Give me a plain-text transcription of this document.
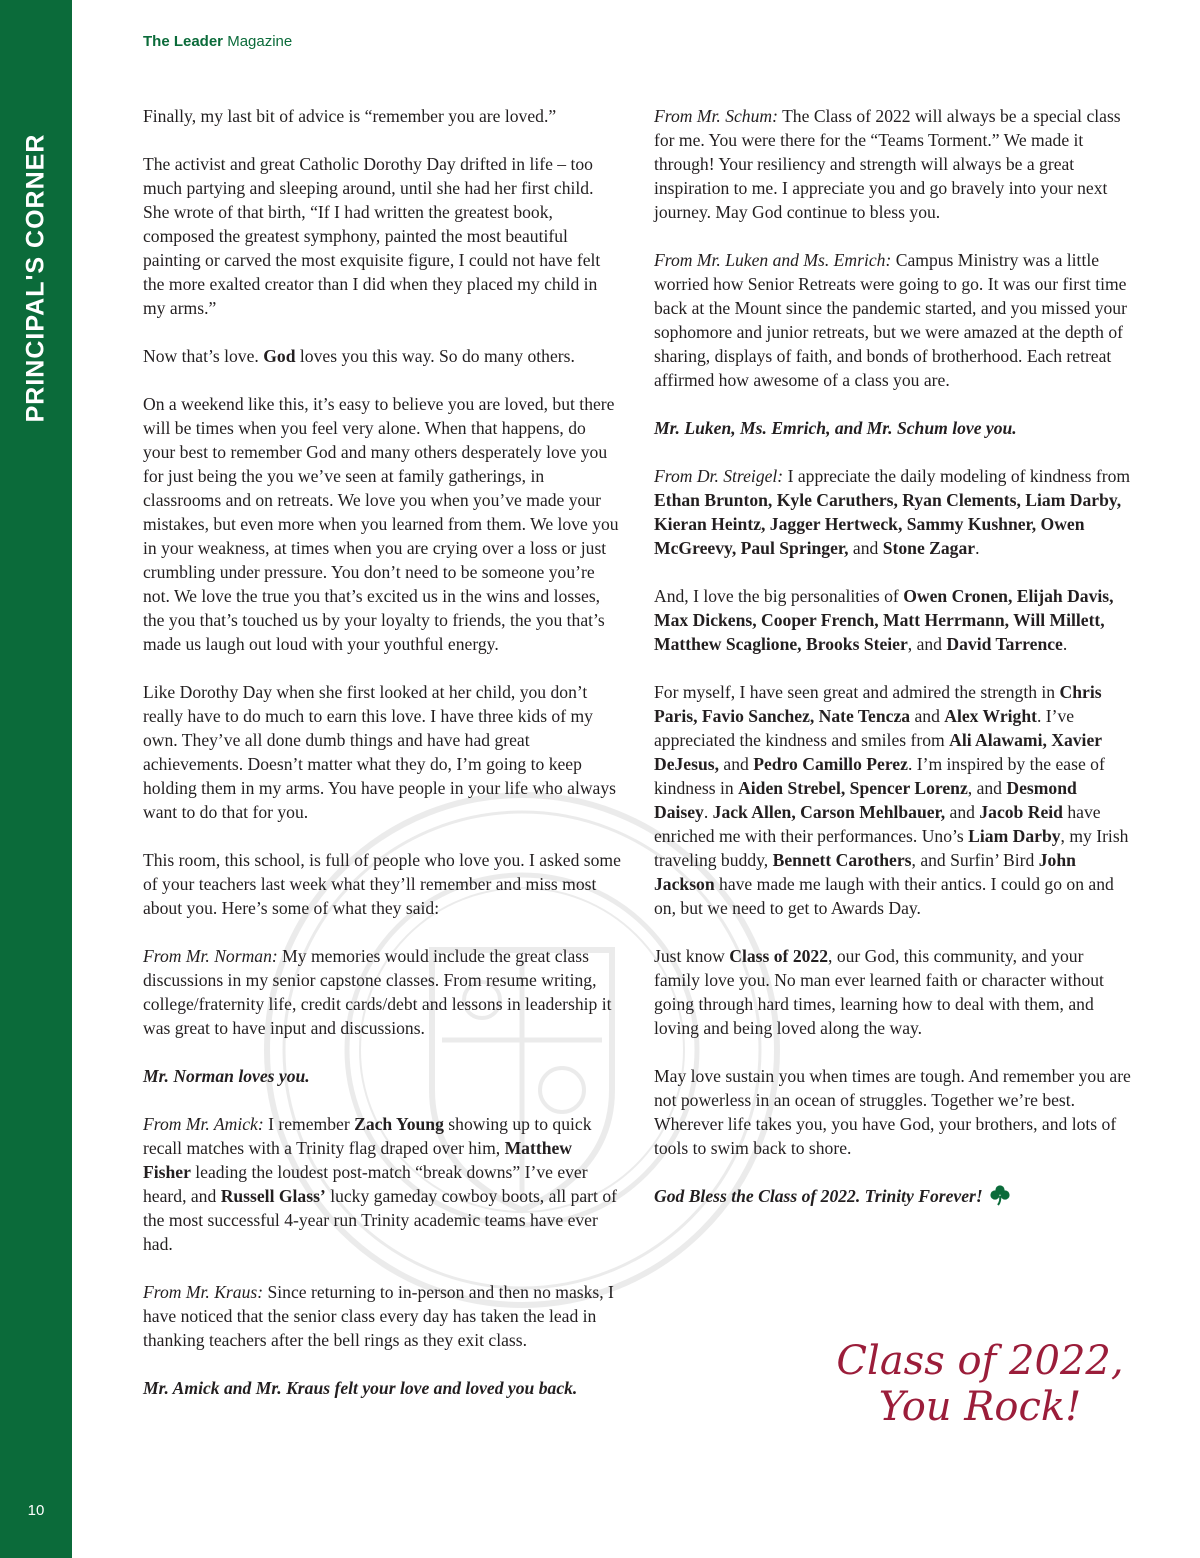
PRINCIPAL'S CORNER
10
The Leader Magazine

Finally, my last bit of advice is “remember you are loved.”

The activist and great Catholic Dorothy Day drifted in life – too much partying and sleeping around, until she had her first child. She wrote of that birth, “If I had written the greatest book, composed the greatest symphony, painted the most beautiful painting or carved the most exquisite figure, I could not have felt the more exalted creator than I did when they placed my child in my arms.”

Now that’s love. God loves you this way. So do many others.

On a weekend like this, it’s easy to believe you are loved, but there will be times when you feel very alone. When that happens, do your best to remember God and many others desperately love you for just being the you we’ve seen at family gatherings, in classrooms and on retreats. We love you when you’ve made your mistakes, but even more when you learned from them. We love you in your weakness, at times when you are crying over a loss or just crumbling under pressure. You don’t need to be someone you’re not. We love the true you that’s excited us in the wins and losses, the you that’s touched us by your loyalty to friends, the you that’s made us laugh out loud with your youthful energy.

Like Dorothy Day when she first looked at her child, you don’t really have to do much to earn this love. I have three kids of my own. They’ve all done dumb things and have had great achievements. Doesn’t matter what they do, I’m going to keep holding them in my arms. You have people in your life who always want to do that for you.

This room, this school, is full of people who love you. I asked some of your teachers last week what they’ll remember and miss most about you. Here’s some of what they said:

From Mr. Norman: My memories would include the great class discussions in my senior capstone classes. From resume writing, college/fraternity life, credit cards/debt and lessons in leadership it was great to have input and discussions.

Mr. Norman loves you.

From Mr. Amick: I remember Zach Young showing up to quick recall matches with a Trinity flag draped over him, Matthew Fisher leading the loudest post-match “break downs” I’ve ever heard, and Russell Glass’ lucky gameday cowboy boots, all part of the most successful 4-year run Trinity academic teams have ever had.

From Mr. Kraus: Since returning to in-person and then no masks, I have noticed that the senior class every day has taken the lead in thanking teachers after the bell rings as they exit class.

Mr. Amick and Mr. Kraus felt your love and loved you back.

From Mr. Schum: The Class of 2022 will always be a special class for me. You were there for the “Teams Torment.” We made it through! Your resiliency and strength will always be a great inspiration to me. I appreciate you and go bravely into your next journey. May God continue to bless you.

From Mr. Luken and Ms. Emrich: Campus Ministry was a little worried how Senior Retreats were going to go. It was our first time back at the Mount since the pandemic started, and you missed your sophomore and junior retreats, but we were amazed at the depth of sharing, displays of faith, and bonds of brotherhood. Each retreat affirmed how awesome of a class you are.

Mr. Luken, Ms. Emrich, and Mr. Schum love you.

From Dr. Streigel: I appreciate the daily modeling of kindness from Ethan Brunton, Kyle Caruthers, Ryan Clements, Liam Darby, Kieran Heintz, Jagger Hertweck, Sammy Kushner, Owen McGreevy, Paul Springer, and Stone Zagar.

And, I love the big personalities of Owen Cronen, Elijah Davis, Max Dickens, Cooper French, Matt Herrmann, Will Millett, Matthew Scaglione, Brooks Steier, and David Tarrence.

For myself, I have seen great and admired the strength in Chris Paris, Favio Sanchez, Nate Tencza and Alex Wright. I’ve appreciated the kindness and smiles from Ali Alawami, Xavier DeJesus, and Pedro Camillo Perez. I’m inspired by the ease of kindness in Aiden Strebel, Spencer Lorenz, and Desmond Daisey. Jack Allen, Carson Mehlbauer, and Jacob Reid have enriched me with their performances. Uno’s Liam Darby, my Irish traveling buddy, Bennett Carothers, and Surfin’ Bird John Jackson have made me laugh with their antics. I could go on and on, but we need to get to Awards Day.

Just know Class of 2022, our God, this community, and your family love you. No man ever learned faith or character without going through hard times, learning how to deal with them, and loving and being loved along the way.

May love sustain you when times are tough. And remember you are not powerless in an ocean of struggles. Together we’re best. Wherever life takes you, you have God, your brothers, and lots of tools to swim back to shore.

God Bless the Class of 2022. Trinity Forever!

Class of 2022,
You Rock!
